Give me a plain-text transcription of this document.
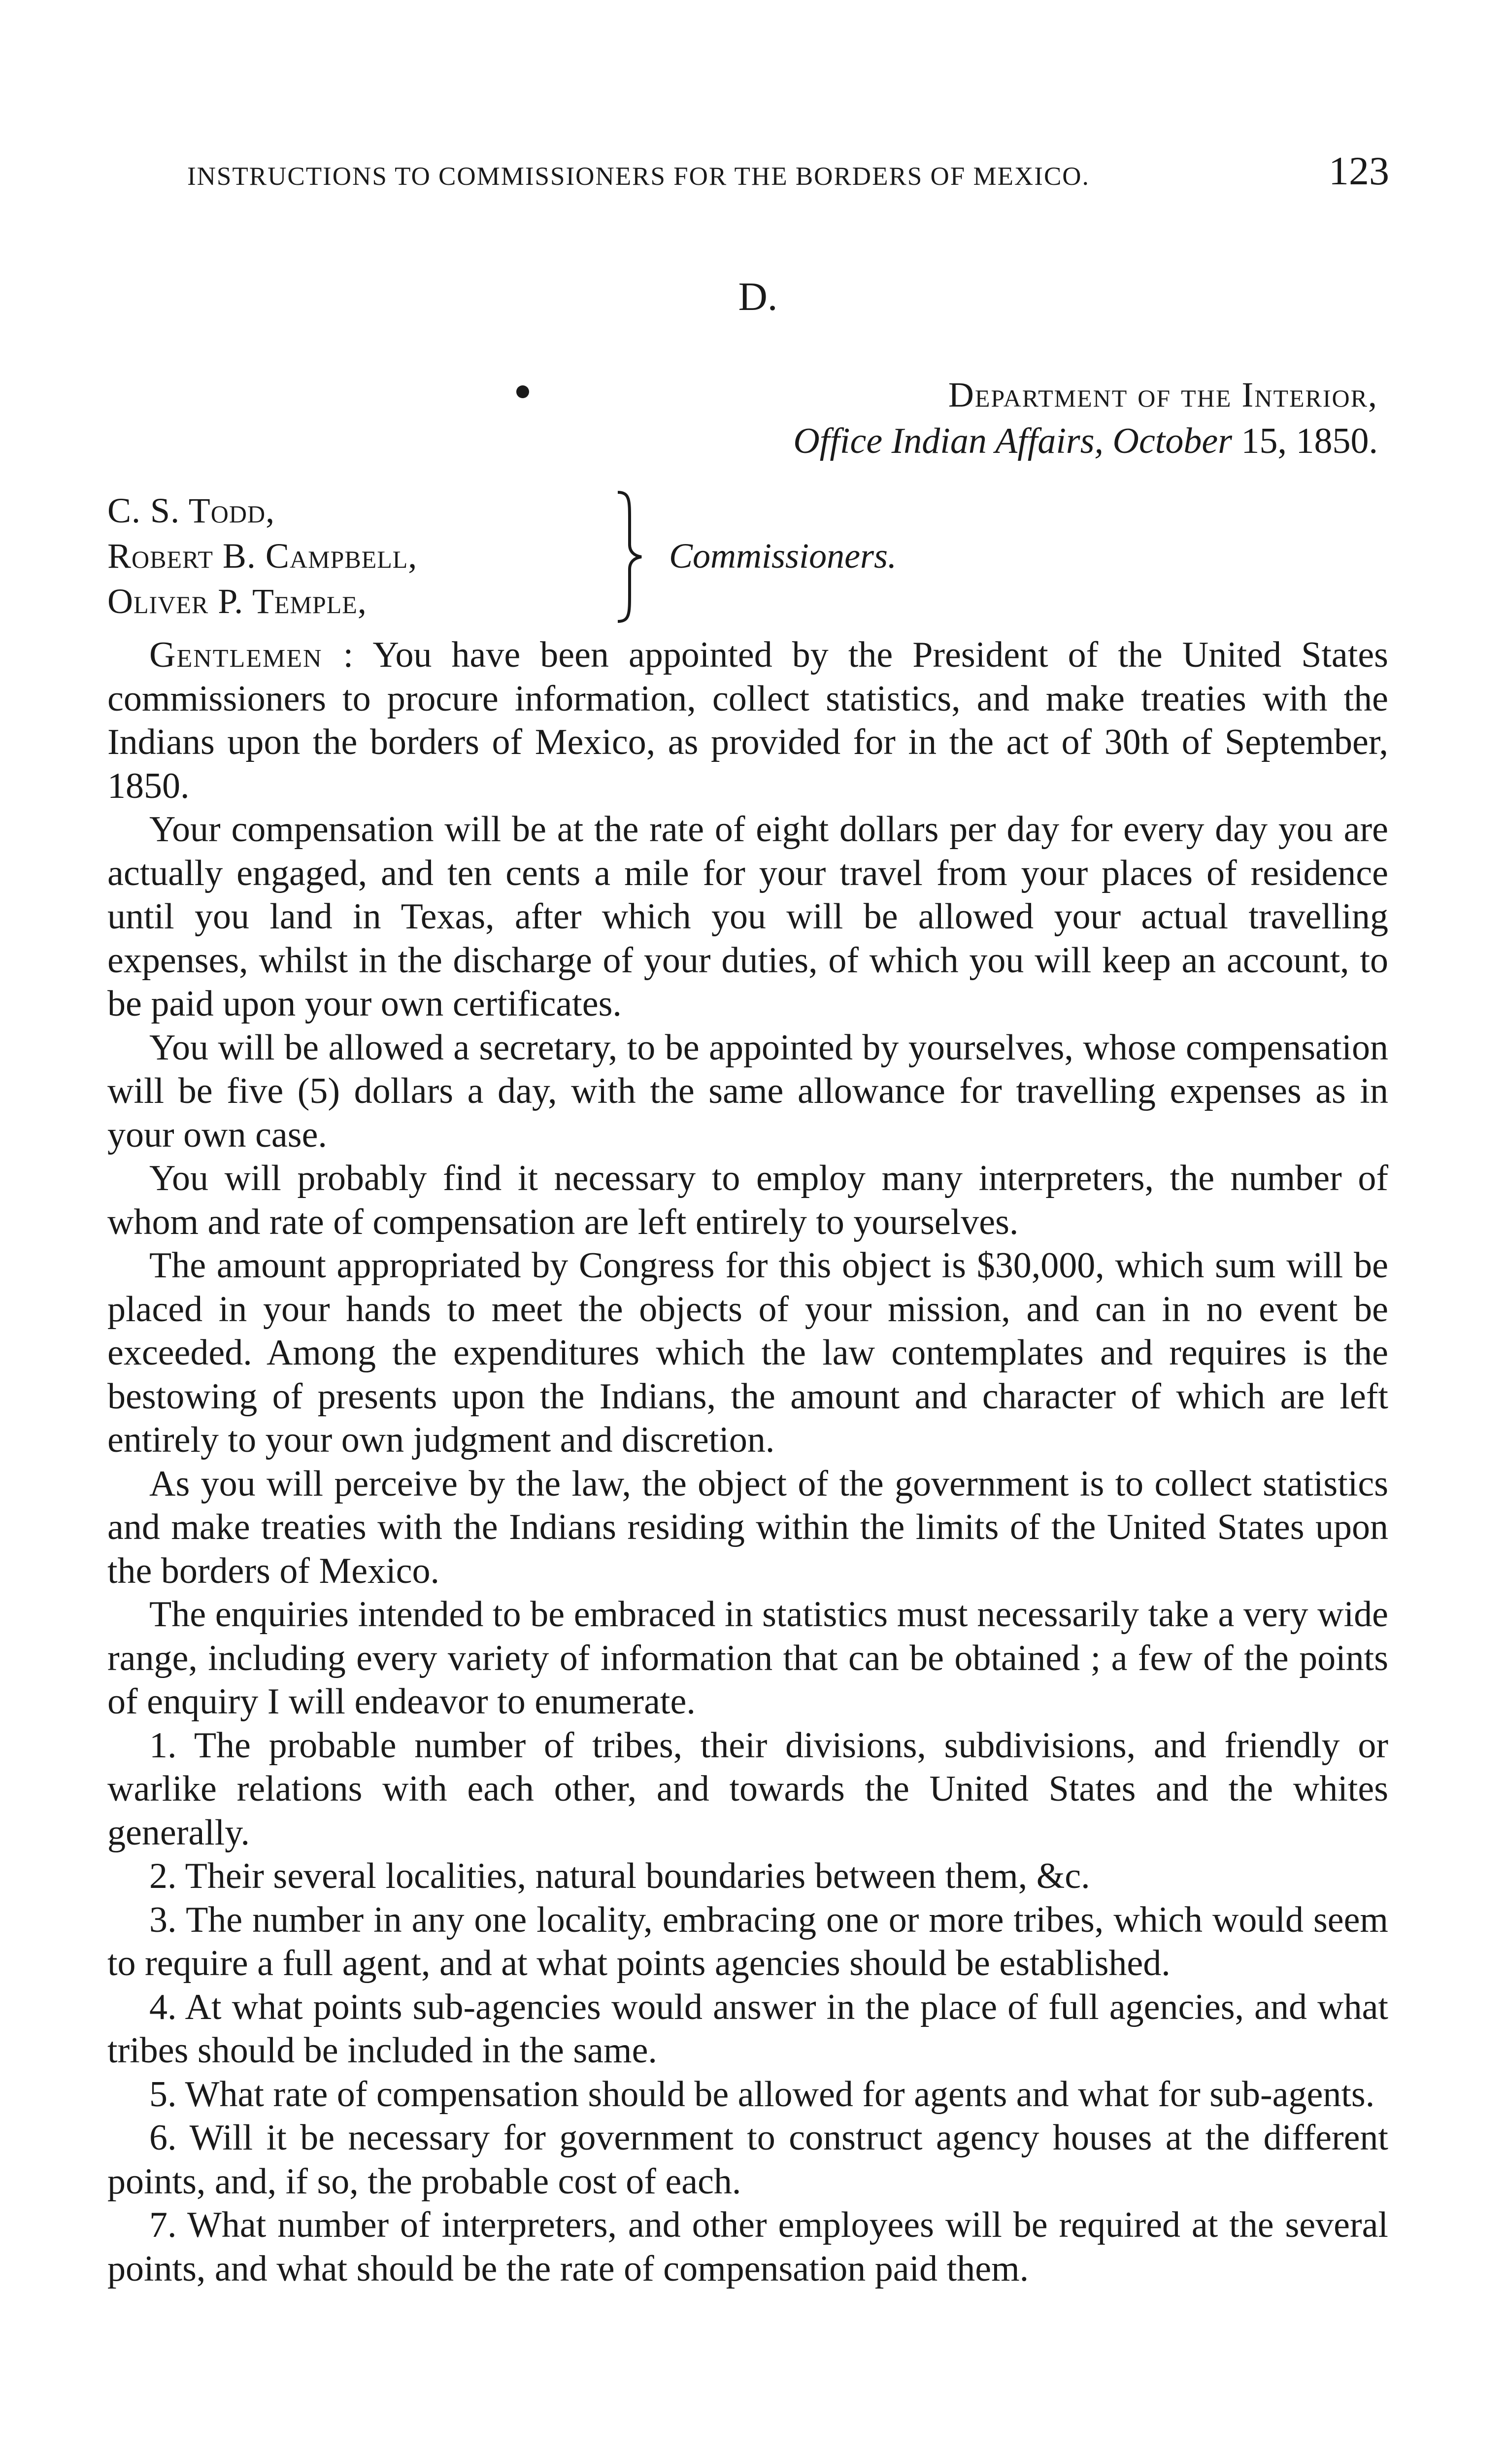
INSTRUCTIONS TO COMMISSIONERS FOR THE BORDERS OF MEXICO.	123
D.
Department of the Interior,
Office Indian Affairs, October 15, 1850.
C. S. Todd,
Robert B. Campbell,
Oliver P. Temple,
Commissioners.

Gentlemen : You have been appointed by the President of the United States commissioners to procure information, collect statistics, and make treaties with the Indians upon the borders of Mexico, as provided for in the act of 30th of September, 1850.

Your compensation will be at the rate of eight dollars per day for every day you are actually engaged, and ten cents a mile for your travel from your places of residence until you land in Texas, after which you will be allowed your actual travelling expenses, whilst in the discharge of your duties, of which you will keep an account, to be paid upon your own certificates.

You will be allowed a secretary, to be appointed by yourselves, whose compensation will be five (5) dollars a day, with the same allowance for travelling expenses as in your own case.

You will probably find it necessary to employ many interpreters, the number of whom and rate of compensation are left entirely to yourselves.

The amount appropriated by Congress for this object is $30,000, which sum will be placed in your hands to meet the objects of your mission, and can in no event be exceeded. Among the expenditures which the law contemplates and requires is the bestowing of presents upon the Indians, the amount and character of which are left entirely to your own judgment and discretion.

As you will perceive by the law, the object of the government is to collect statistics and make treaties with the Indians residing within the limits of the United States upon the borders of Mexico.

The enquiries intended to be embraced in statistics must necessarily take a very wide range, including every variety of information that can be obtained ; a few of the points of enquiry I will endeavor to enumerate.

1. The probable number of tribes, their divisions, subdivisions, and friendly or warlike relations with each other, and towards the United States and the whites generally.

2. Their several localities, natural boundaries between them, &c.

3. The number in any one locality, embracing one or more tribes, which would seem to require a full agent, and at what points agencies should be established.

4. At what points sub-agencies would answer in the place of full agencies, and what tribes should be included in the same.

5. What rate of compensation should be allowed for agents and what for sub-agents.

6. Will it be necessary for government to construct agency houses at the different points, and, if so, the probable cost of each.

7. What number of interpreters, and other employees will be required at the several points, and what should be the rate of compensation paid them.
